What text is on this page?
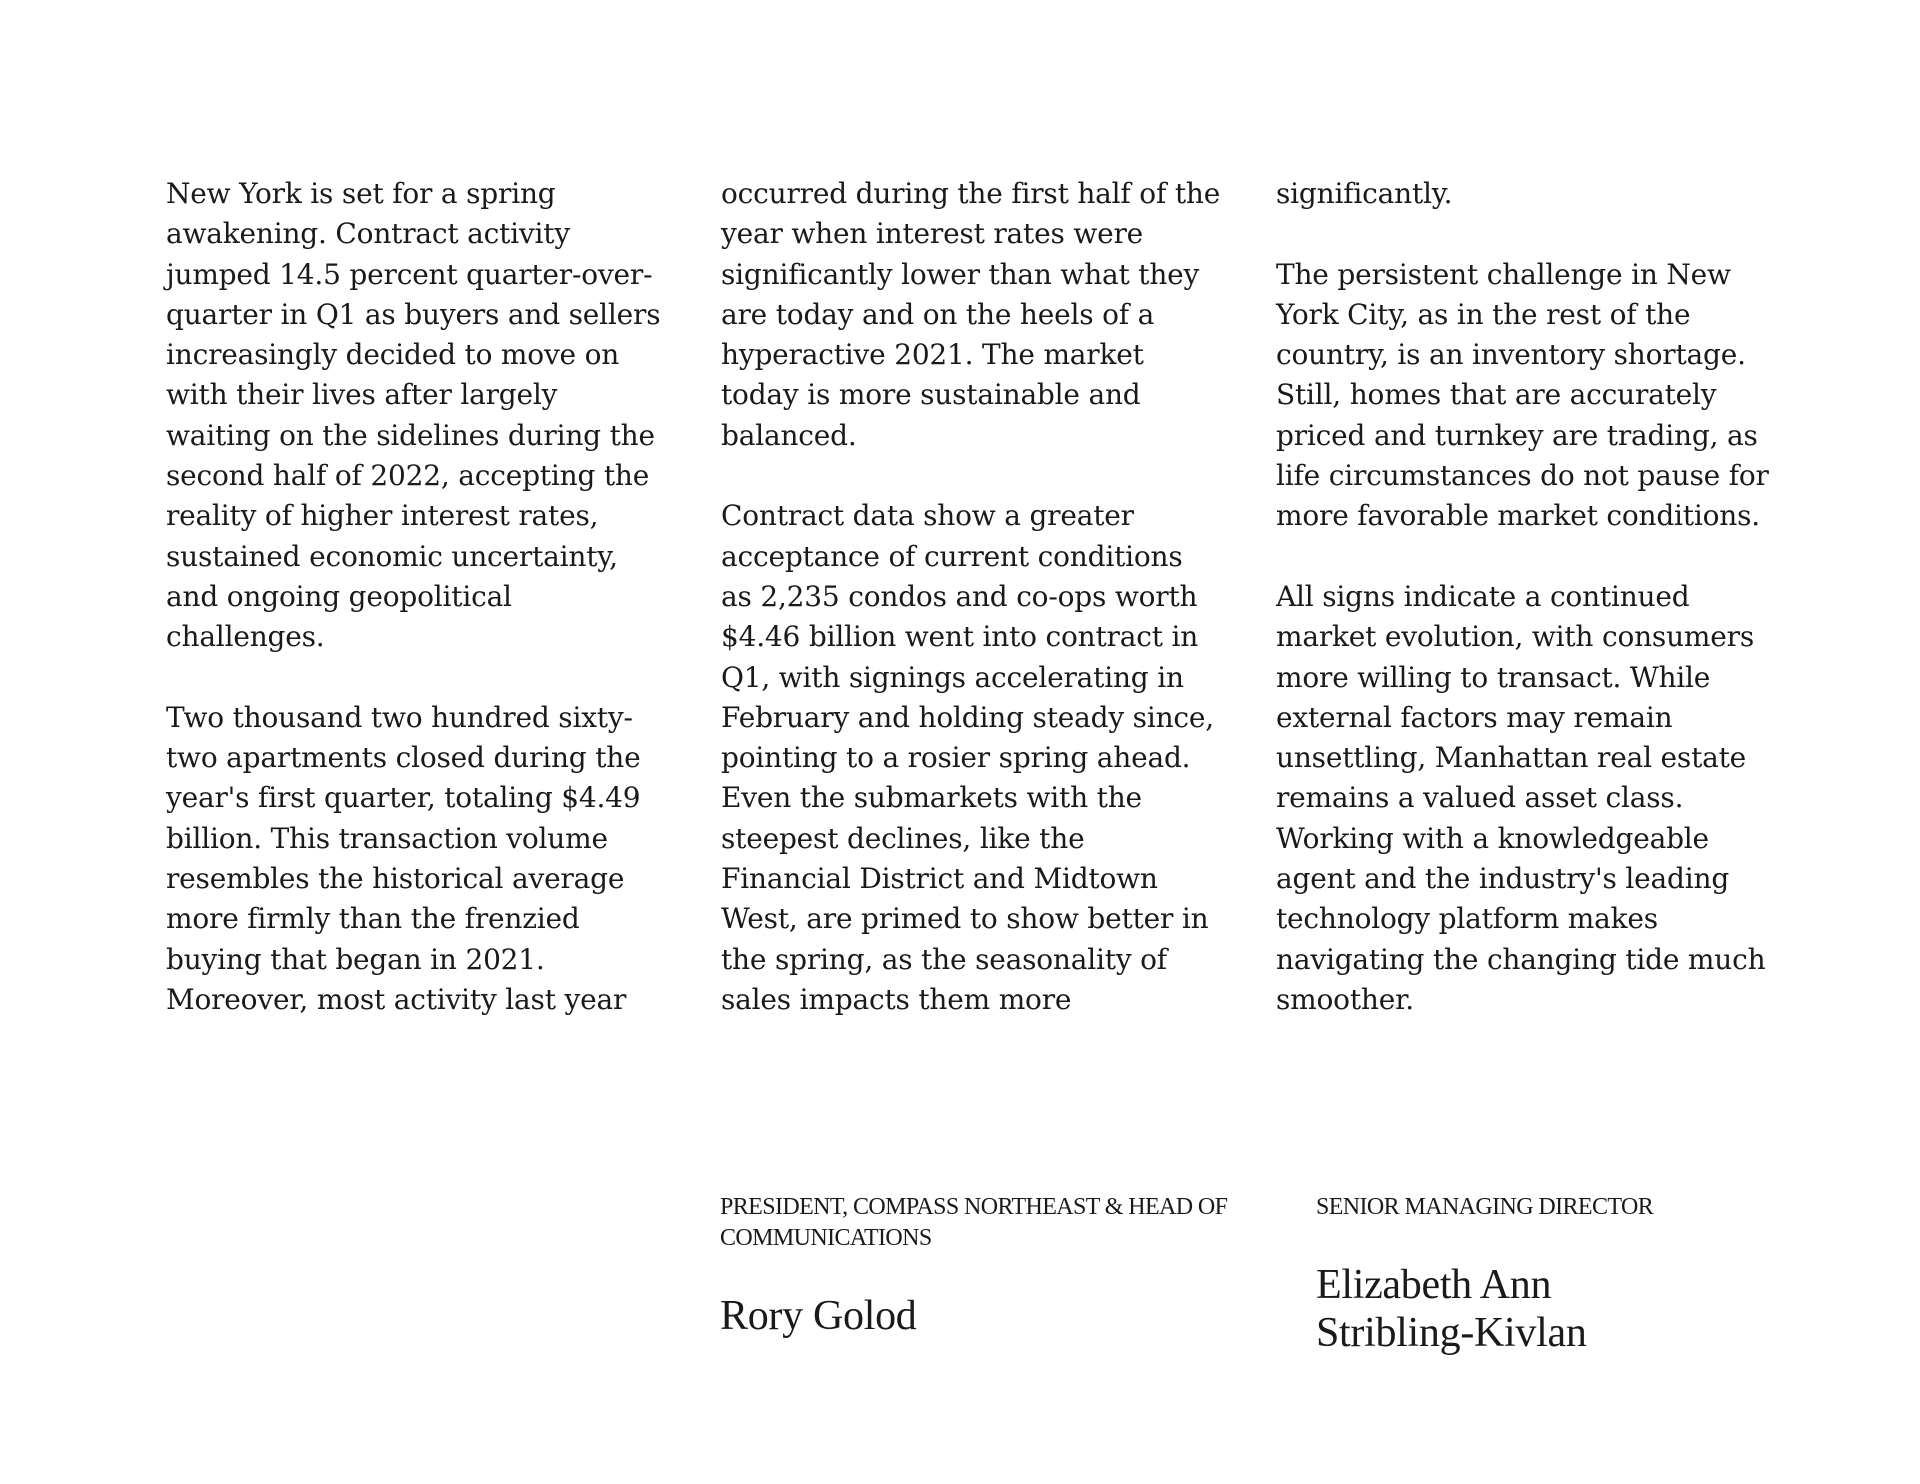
New York is set for a spring awakening. Contract activity jumped 14.5 percent quarter-over-quarter in Q1 as buyers and sellers increasingly decided to move on with their lives after largely waiting on the sidelines during the second half of 2022, accepting the reality of higher interest rates, sustained economic uncertainty, and ongoing geopolitical challenges.

Two thousand two hundred sixty-two apartments closed during the year's first quarter, totaling $4.49 billion. This transaction volume resembles the historical average more firmly than the frenzied buying that began in 2021. Moreover, most activity last year

occurred during the first half of the year when interest rates were significantly lower than what they are today and on the heels of a hyperactive 2021. The market today is more sustainable and balanced.

Contract data show a greater acceptance of current conditions as 2,235 condos and co-ops worth $4.46 billion went into contract in Q1, with signings accelerating in February and holding steady since, pointing to a rosier spring ahead. Even the submarkets with the steepest declines, like the Financial District and Midtown West, are primed to show better in the spring, as the seasonality of sales impacts them more

significantly.

The persistent challenge in New York City, as in the rest of the country, is an inventory shortage. Still, homes that are accurately priced and turnkey are trading, as life circumstances do not pause for more favorable market conditions.

All signs indicate a continued market evolution, with consumers more willing to transact. While external factors may remain unsettling, Manhattan real estate remains a valued asset class. Working with a knowledgeable agent and the industry's leading technology platform makes navigating the changing tide much smoother.

PRESIDENT, COMPASS NORTHEAST & HEAD OF COMMUNICATIONS

Rory Golod

SENIOR MANAGING DIRECTOR

Elizabeth Ann Stribling-Kivlan
